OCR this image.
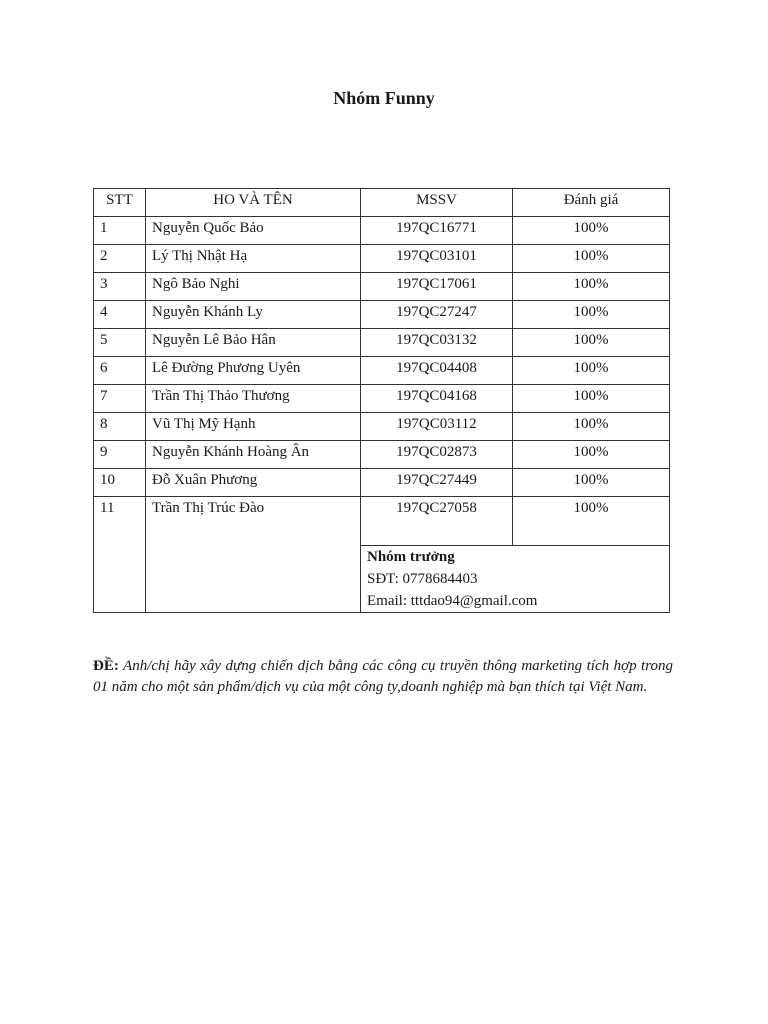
Nhóm Funny
STT	HO VÀ TÊN	MSSV	Đánh giá
1	Nguyễn Quốc Bảo	197QC16771	100%
2	Lý Thị Nhật Hạ	197QC03101	100%
3	Ngô Bảo Nghi	197QC17061	100%
4	Nguyễn Khánh Ly	197QC27247	100%
5	Nguyễn Lê Bảo Hân	197QC03132	100%
6	Lê Đường Phương Uyên	197QC04408	100%
7	Trần Thị Thảo Thương	197QC04168	100%
8	Vũ Thị Mỹ Hạnh	197QC03112	100%
9	Nguyễn Khánh Hoàng Ân	197QC02873	100%
10	Đỗ Xuân Phương	197QC27449	100%
11	Trần Thị Trúc Đào	197QC27058	100%

		Nhóm trưởng
SĐT: 0778684403
Email: tttdao94@gmail.com	
ĐỀ: Anh/chị hãy xây dựng chiến dịch bằng các công cụ truyền thông marketing tích hợp trong 01 năm cho một sản phẩm/dịch vụ của một công ty,doanh nghiệp mà bạn thích tại Việt Nam.
